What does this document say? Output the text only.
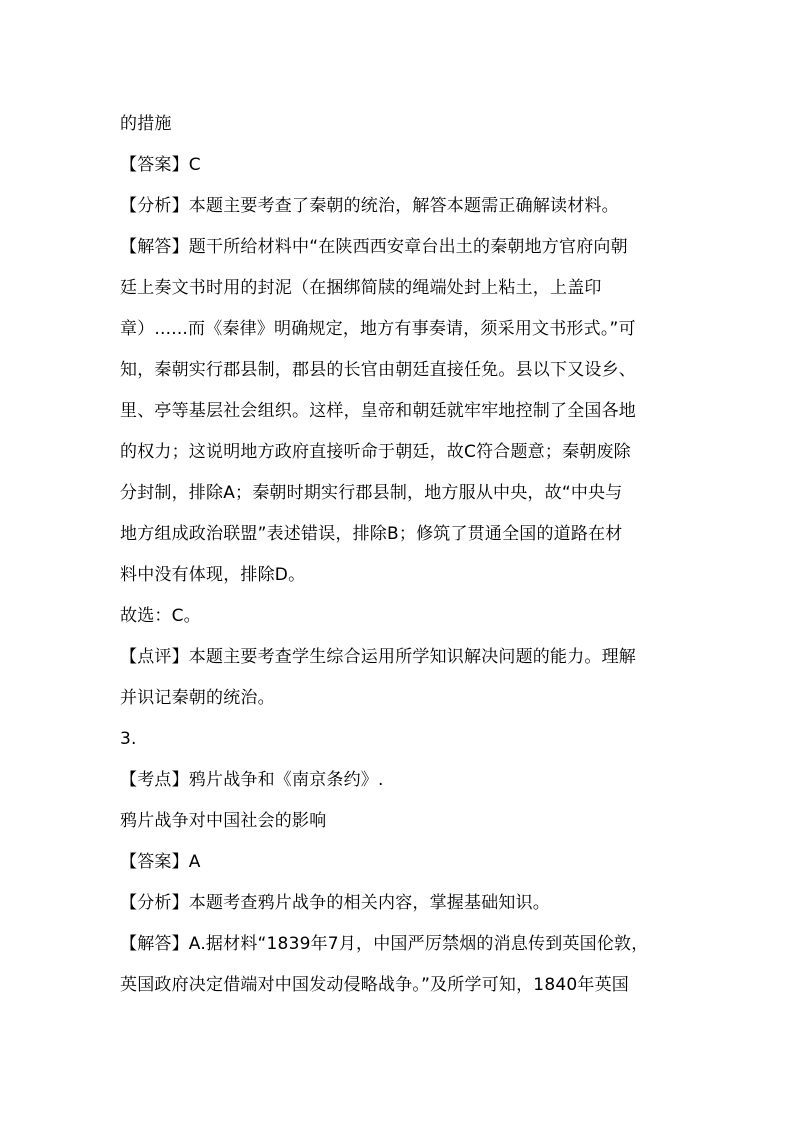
的措施
【答案】C
【分析】本题主要考查了秦朝的统治，解答本题需正确解读材料。
【解答】题干所给材料中“在陕西西安章台出土的秦朝地方官府向朝
廷上奏文书时用的封泥（在捆绑简牍的绳端处封上粘土，上盖印
章）......而《秦律》明确规定，地方有事奏请，须采用文书形式。”可
知，秦朝实行郡县制，郡县的长官由朝廷直接任免。县以下又设乡、
里、亭等基层社会组织。这样，皇帝和朝廷就牢牢地控制了全国各地
的权力；这说明地方政府直接听命于朝廷，故C符合题意；秦朝废除
分封制，排除A；秦朝时期实行郡县制，地方服从中央，故“中央与
地方组成政治联盟”表述错误，排除B；修筑了贯通全国的道路在材
料中没有体现，排除D。
故选：C。
【点评】本题主要考查学生综合运用所学知识解决问题的能力。理解
并识记秦朝的统治。
3.
【考点】鸦片战争和《南京条约》.
鸦片战争对中国社会的影响
【答案】A
【分析】本题考查鸦片战争的相关内容，掌握基础知识。
【解答】A.据材料“1839年7月，中国严厉禁烟的消息传到英国伦敦，
英国政府决定借端对中国发动侵略战争。”及所学可知，1840年英国
